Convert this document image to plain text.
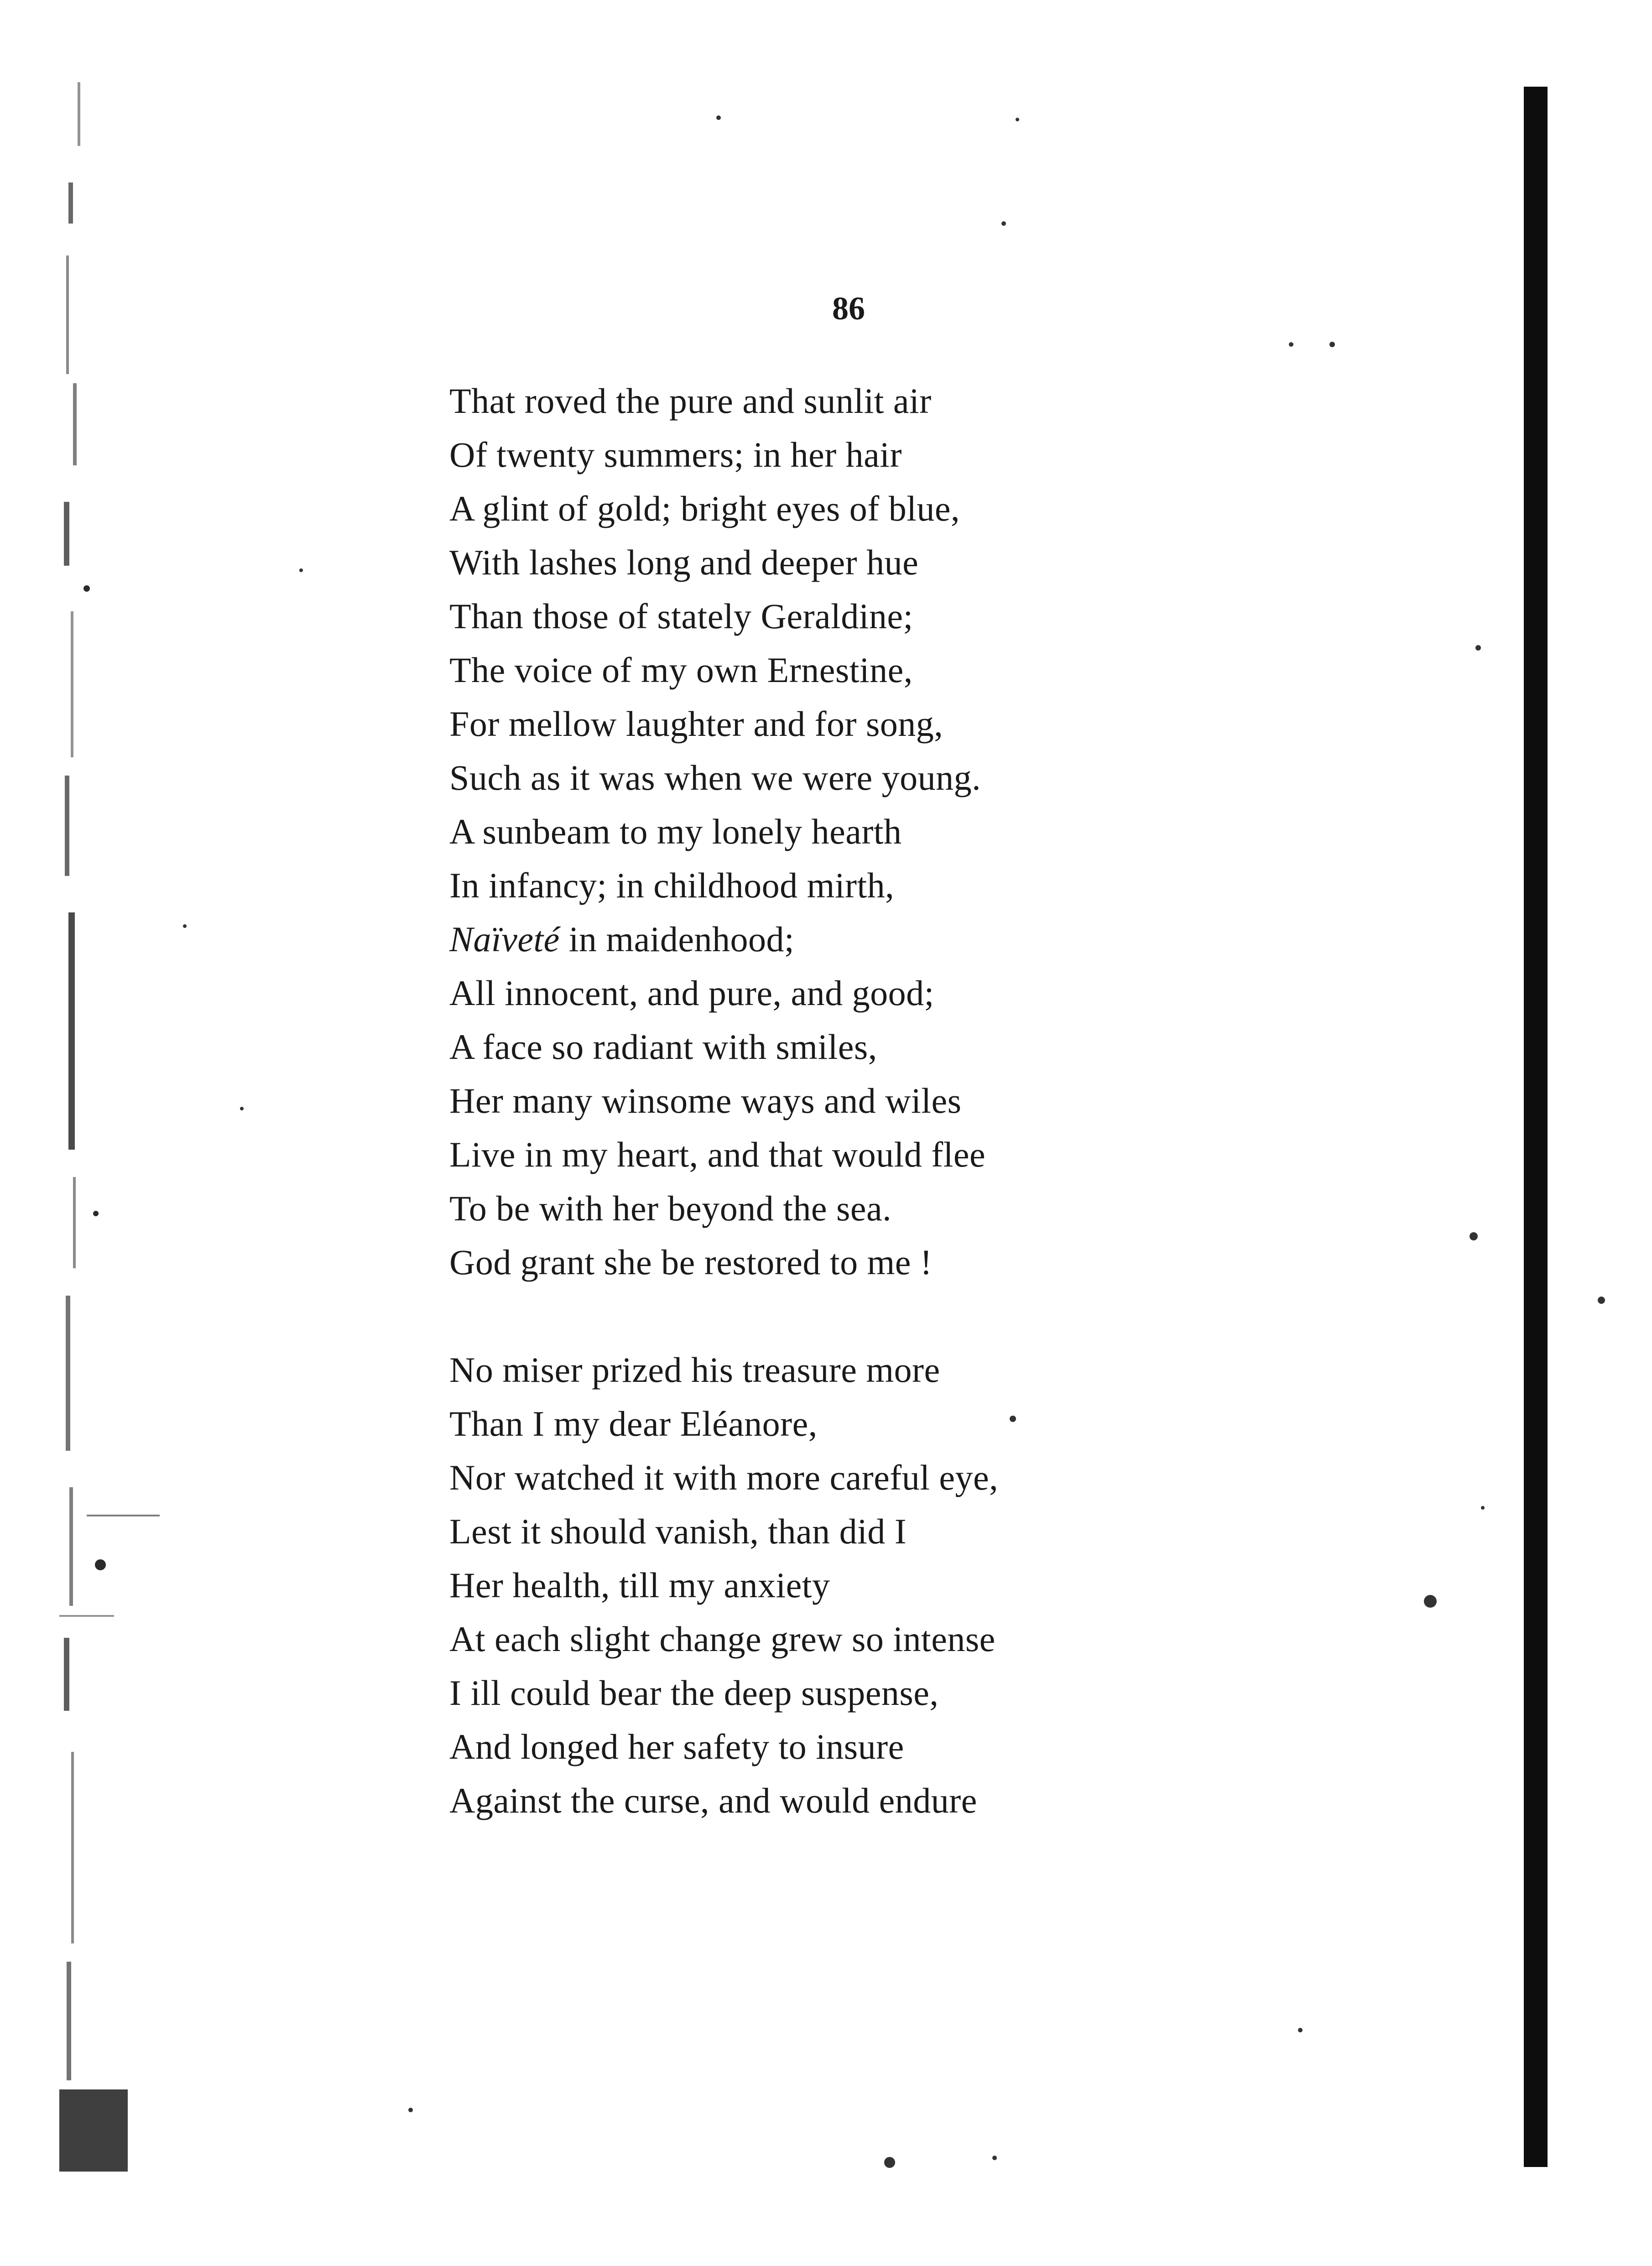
86
That roved the pure and sunlit air
Of twenty summers; in her hair
A glint of gold; bright eyes of blue,
With lashes long and deeper hue
Than those of stately Geraldine;
The voice of my own Ernestine,
For mellow laughter and for song,
Such as it was when we were young.
A sunbeam to my lonely hearth
In infancy; in childhood mirth,
Naïveté in maidenhood;
All innocent, and pure, and good;
A face so radiant with smiles,
Her many winsome ways and wiles
Live in my heart, and that would flee
To be with her beyond the sea.
God grant she be restored to me !
No miser prized his treasure more
Than I my dear Eléanore,
Nor watched it with more careful eye,
Lest it should vanish, than did I
Her health, till my anxiety
At each slight change grew so intense
I ill could bear the deep suspense,
And longed her safety to insure
Against the curse, and would endure
